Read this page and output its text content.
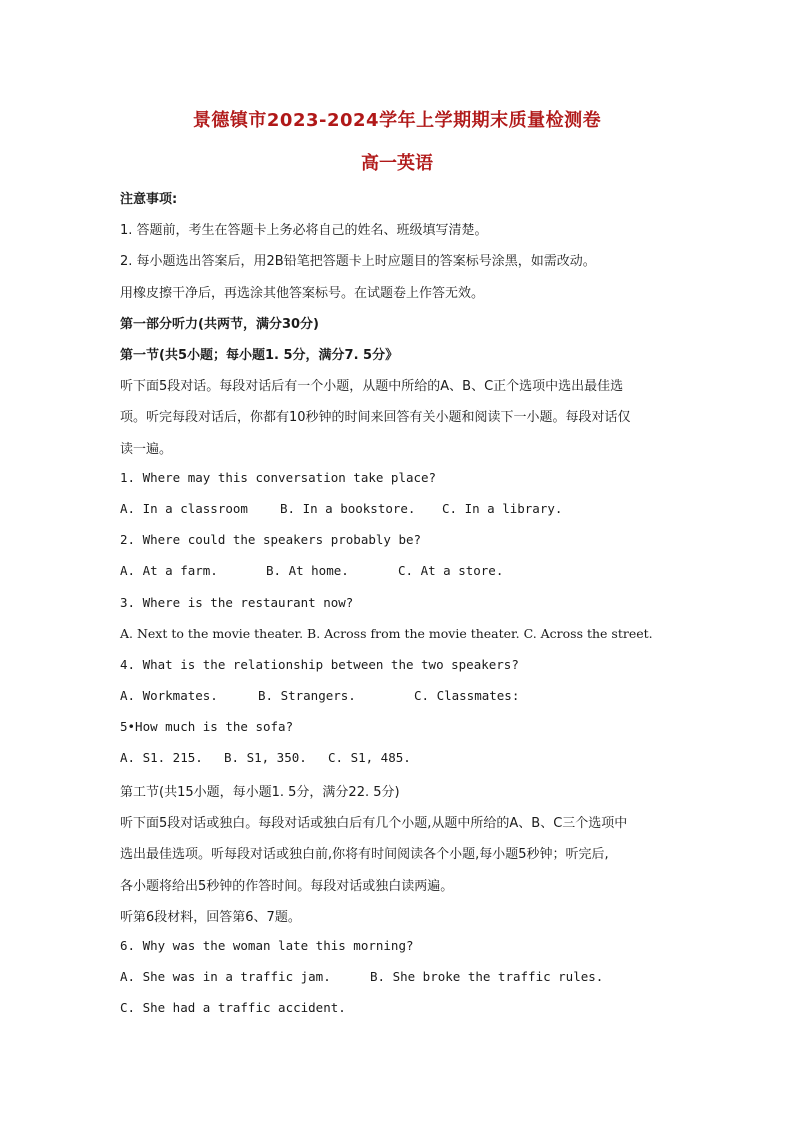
景德镇市2023-2024学年上学期期末质量检测卷
高一英语
注意事项:
1. 答题前，考生在答题卡上务必将自己的姓名、班级填写清楚。
2. 每小题选出答案后，用2B铅笔把答题卡上时应题目的答案标号涂黑，如需改动。
用橡皮擦干净后，再选涂其他答案标号。在试题卷上作答无效。
第一部分听力(共两节，满分30分)
第一节(共5小题；每小题1. 5分，满分7. 5分》
听下面5段对话。每段对话后有一个小题，从题中所给的A、B、C正个选项中选出最佳选
项。听完每段对话后，你都有10秒钟的时间来回答有关小题和阅读下一小题。每段对话仅
读一遍。
1. Where may this conversation take place?
A. In a classroom	B. In a bookstore. C. In a library.
2. Where could the speakers probably be?
A. At a farm.	B. At home.	C. At a store.
3. Where is the restaurant now?
A. Next to the movie theater. B. Across from the movie theater. C. Across the street.
4. What is the relationship between the two speakers?
A. Workmates.	B. Strangers.	C. Classmates:
5•How much is the sofa?
A. S1. 215. B. S1, 350. C. S1, 485.
第工节(共15小题，每小题1. 5分，满分22. 5分)
听下面5段对话或独白。每段对话或独白后有几个小题,从题中所给的A、B、C三个选项中
选出最佳选项。听每段对话或独白前,你将有时间阅读各个小题,每小题5秒钟；听完后,
各小题将给出5秒钟的作答时间。每段对话或独白读两遍。
听第6段材料，回答第6、7题。
6. Why was the woman late this morning?
A. She was in a traffic jam.	B. She broke the traffic rules.
C. She had a traffic accident.
